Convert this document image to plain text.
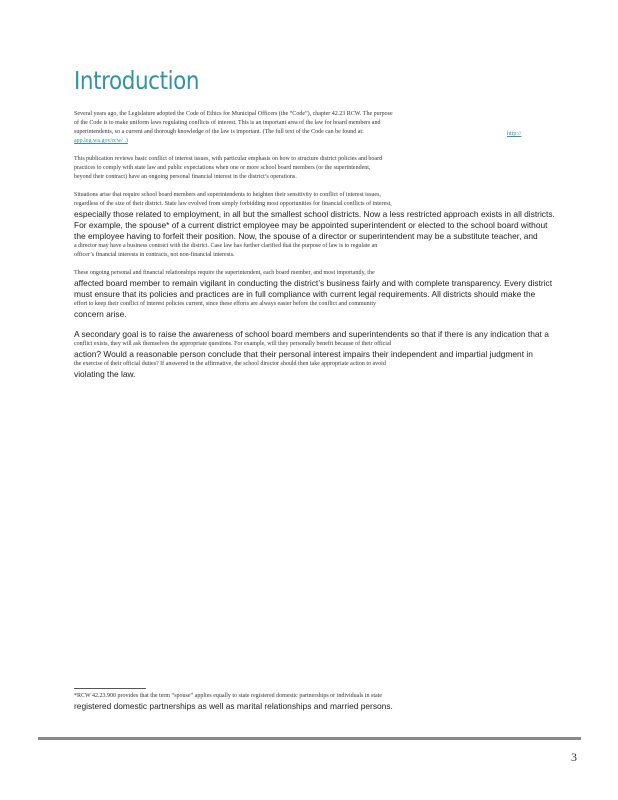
Introduction
Several years ago, the Legislature adopted the Code of Ethics for Municipal Officers (the “Code”), chapter 42.23 RCW. The purpose
of the Code is to make uniform laws regulating conflicts of interest. This is an important area of the law for board members and
superintendents, so a current and thorough knowledge of the law is important. (The full text of the Code can be found at:
app.leg.wa.gov/rcw/ .)
This publication reviews basic conflict of interest issues, with particular emphasis on how to structure district policies and board
practices to comply with state law and public expectations when one or more school board members (or the superintendent,
beyond their contract) have an ongoing personal financial interest in the district’s operations.
Situations arise that require school board members and superintendents to heighten their sensitivity to conflict of interest issues,
regardless of the size of their district. State law evolved from simply forbidding most opportunities for financial conflicts of interest,
especially those related to employment, in all but the smallest school districts. Now a less restricted approach exists in all districts.
For example, the spouse* of a current district employee may be appointed superintendent or elected to the school board without
the employee having to forfeit their position. Now, the spouse of a director or superintendent may be a substitute teacher, and
a director may have a business contract with the district. Case law has further clarified that the purpose of law is to regulate an
officer’s financial interests in contracts, not non-financial interests.
These ongoing personal and financial relationships require the superintendent, each board member, and most importantly, the
affected board member to remain vigilant in conducting the district’s business fairly and with complete transparency. Every district
must ensure that its policies and practices are in full compliance with current legal requirements. All districts should make the
effort to keep their conflict of interest policies current, since these efforts are always easier before the conflict and community
concern arise.
A secondary goal is to raise the awareness of school board members and superintendents so that if there is any indication that a
conflict exists, they will ask themselves the appropriate questions. For example, will they personally benefit because of their official
action? Would a reasonable person conclude that their personal interest impairs their independent and impartial judgment in
the exercise of their official duties? If answered in the affirmative, the school director should then take appropriate action to avoid
violating the law.
http://
*RCW 42.23.900 provides that the term “spouse” applies equally to state registered domestic partnerships or individuals in state
registered domestic partnerships as well as marital relationships and married persons.
3
